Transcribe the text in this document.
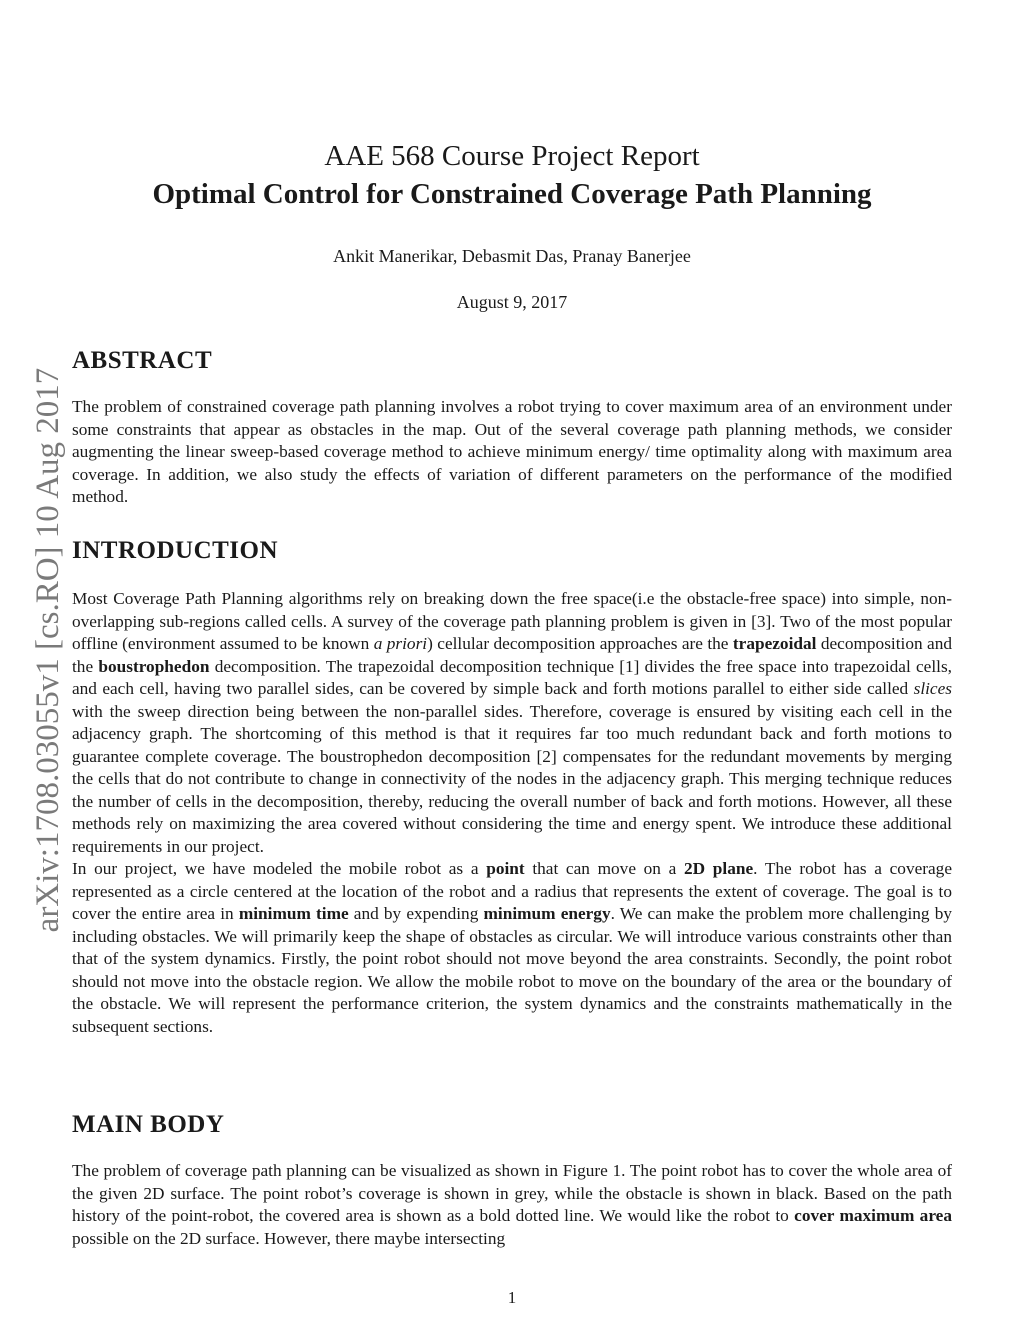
arXiv:1708.03055v1 [cs.RO] 10 Aug 2017
AAE 568 Course Project Report
Optimal Control for Constrained Coverage Path Planning
Ankit Manerikar, Debasmit Das, Pranay Banerjee
August 9, 2017
ABSTRACT

The problem of constrained coverage path planning involves a robot trying to cover maximum area of an environment under some constraints that appear as obstacles in the map. Out of the several coverage path planning methods, we consider augmenting the linear sweep-based coverage method to achieve minimum energy/ time optimality along with maximum area coverage. In addition, we also study the effects of variation of different parameters on the performance of the modified method.

INTRODUCTION

Most Coverage Path Planning algorithms rely on breaking down the free space(i.e the obstacle-free space) into simple, non-overlapping sub-regions called cells. A survey of the coverage path planning problem is given in [3]. Two of the most popular offline (environment assumed to be known a priori) cellular decomposition approaches are the trapezoidal decomposition and the boustrophedon decomposition. The trapezoidal decomposition technique [1] divides the free space into trapezoidal cells, and each cell, having two parallel sides, can be covered by simple back and forth motions parallel to either side called slices with the sweep direction being between the non-parallel sides. Therefore, coverage is ensured by visiting each cell in the adjacency graph. The shortcoming of this method is that it requires far too much redundant back and forth motions to guarantee complete coverage. The boustrophedon decomposition [2] compensates for the redundant movements by merging the cells that do not contribute to change in connectivity of the nodes in the adjacency graph. This merging technique reduces the number of cells in the decomposition, thereby, reducing the overall number of back and forth motions. However, all these methods rely on maximizing the area covered without considering the time and energy spent. We introduce these additional requirements in our project.

In our project, we have modeled the mobile robot as a point that can move on a 2D plane. The robot has a coverage represented as a circle centered at the location of the robot and a radius that represents the extent of coverage. The goal is to cover the entire area in minimum time and by expending minimum energy. We can make the problem more challenging by including obstacles. We will primarily keep the shape of obstacles as circular. We will introduce various constraints other than that of the system dynamics. Firstly, the point robot should not move beyond the area constraints. Secondly, the point robot should not move into the obstacle region. We allow the mobile robot to move on the boundary of the area or the boundary of the obstacle. We will represent the performance criterion, the system dynamics and the constraints mathematically in the subsequent sections.

MAIN BODY

The problem of coverage path planning can be visualized as shown in Figure 1. The point robot has to cover the whole area of the given 2D surface. The point robot’s coverage is shown in grey, while the obstacle is shown in black. Based on the path history of the point-robot, the covered area is shown as a bold dotted line. We would like the robot to cover maximum area possible on the 2D surface. However, there maybe intersecting

1
